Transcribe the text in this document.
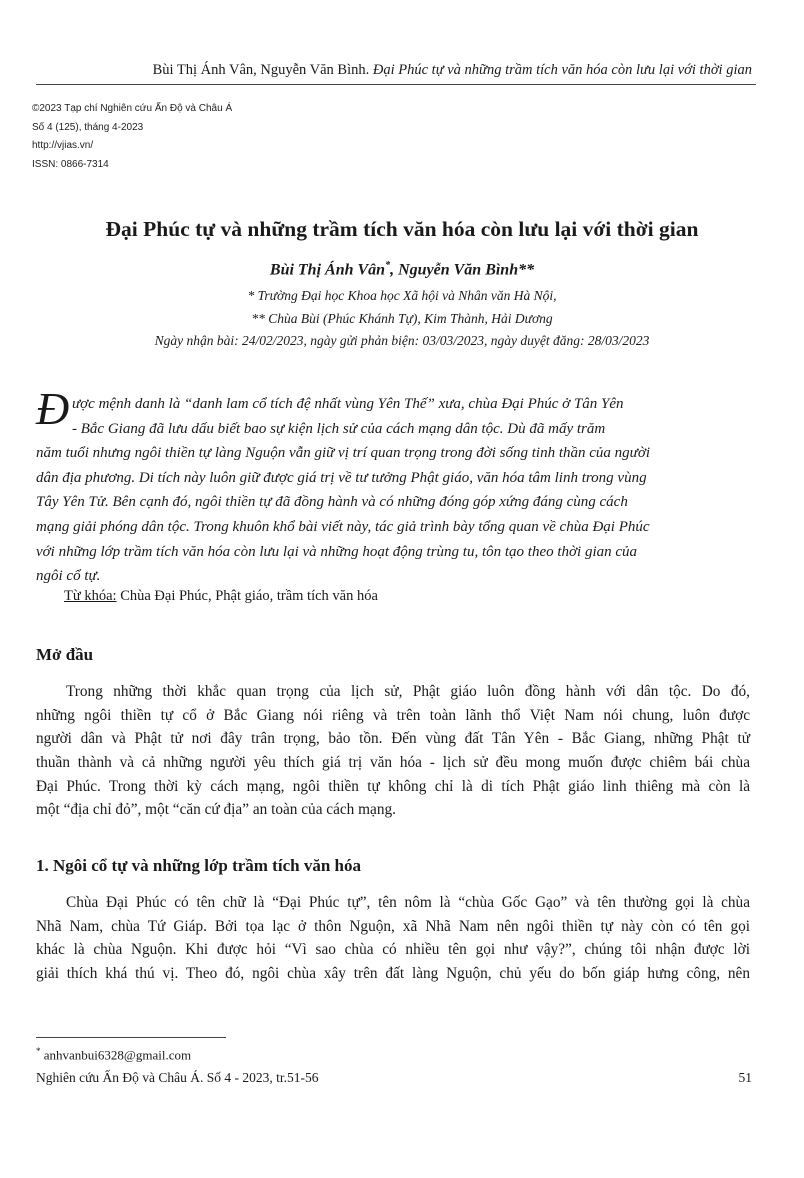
Bùi Thị Ánh Vân, Nguyễn Văn Bình. Đại Phúc tự và những trầm tích văn hóa còn lưu lại với thời gian
©2023 Tạp chí Nghiên cứu Ấn Độ và Châu Á
Số 4 (125), tháng 4-2023
http://vjias.vn/
ISSN: 0866-7314
Đại Phúc tự và những trầm tích văn hóa còn lưu lại với thời gian
Bùi Thị Ánh Vân*, Nguyễn Văn Bình**
* Trường Đại học Khoa học Xã hội và Nhân văn Hà Nội,
** Chùa Bùi (Phúc Khánh Tự), Kim Thành, Hải Dương
Ngày nhận bài: 24/02/2023, ngày gửi phản biện: 03/03/2023, ngày duyệt đăng: 28/03/2023
Đ ược mệnh danh là “danh lam cổ tích đệ nhất vùng Yên Thế” xưa, chùa Đại Phúc ở Tân Yên
- Bắc Giang đã lưu dấu biết bao sự kiện lịch sử của cách mạng dân tộc. Dù đã mấy trăm
năm tuổi nhưng ngôi thiền tự làng Nguộn vẫn giữ vị trí quan trọng trong đời sống tinh thần của người
dân địa phương. Di tích này luôn giữ được giá trị về tư tưởng Phật giáo, văn hóa tâm linh trong vùng
Tây Yên Tử. Bên cạnh đó, ngôi thiền tự đã đồng hành và có những đóng góp xứng đáng cùng cách
mạng giải phóng dân tộc. Trong khuôn khổ bài viết này, tác giả trình bày tổng quan về chùa Đại Phúc
với những lớp trầm tích văn hóa còn lưu lại và những hoạt động trùng tu, tôn tạo theo thời gian của
ngôi cổ tự.
Từ khóa: Chùa Đại Phúc, Phật giáo, trầm tích văn hóa
Mở đầu
Trong những thời khắc quan trọng của lịch sử, Phật giáo luôn đồng hành với dân tộc. Do đó,
những ngôi thiền tự cổ ở Bắc Giang nói riêng và trên toàn lãnh thổ Việt Nam nói chung, luôn được
người dân và Phật tử nơi đây trân trọng, bảo tồn. Đến vùng đất Tân Yên - Bắc Giang, những Phật tử
thuần thành và cả những người yêu thích giá trị văn hóa - lịch sử đều mong muốn được chiêm bái chùa
Đại Phúc. Trong thời kỳ cách mạng, ngôi thiền tự không chỉ là di tích Phật giáo linh thiêng mà còn là
một “địa chỉ đỏ”, một “căn cứ địa” an toàn của cách mạng.
1. Ngôi cổ tự và những lớp trầm tích văn hóa
Chùa Đại Phúc có tên chữ là “Đại Phúc tự”, tên nôm là “chùa Gốc Gạo” và tên thường gọi là chùa
Nhã Nam, chùa Tứ Giáp. Bởi tọa lạc ở thôn Nguộn, xã Nhã Nam nên ngôi thiền tự này còn có tên gọi
khác là chùa Nguộn. Khi được hỏi “Vì sao chùa có nhiều tên gọi như vậy?”, chúng tôi nhận được lời
giải thích khá thú vị. Theo đó, ngôi chùa xây trên đất làng Nguộn, chủ yếu do bốn giáp hưng công, nên
* anhvanbui6328@gmail.com
Nghiên cứu Ấn Độ và Châu Á. Số 4 - 2023, tr.51-56	51
